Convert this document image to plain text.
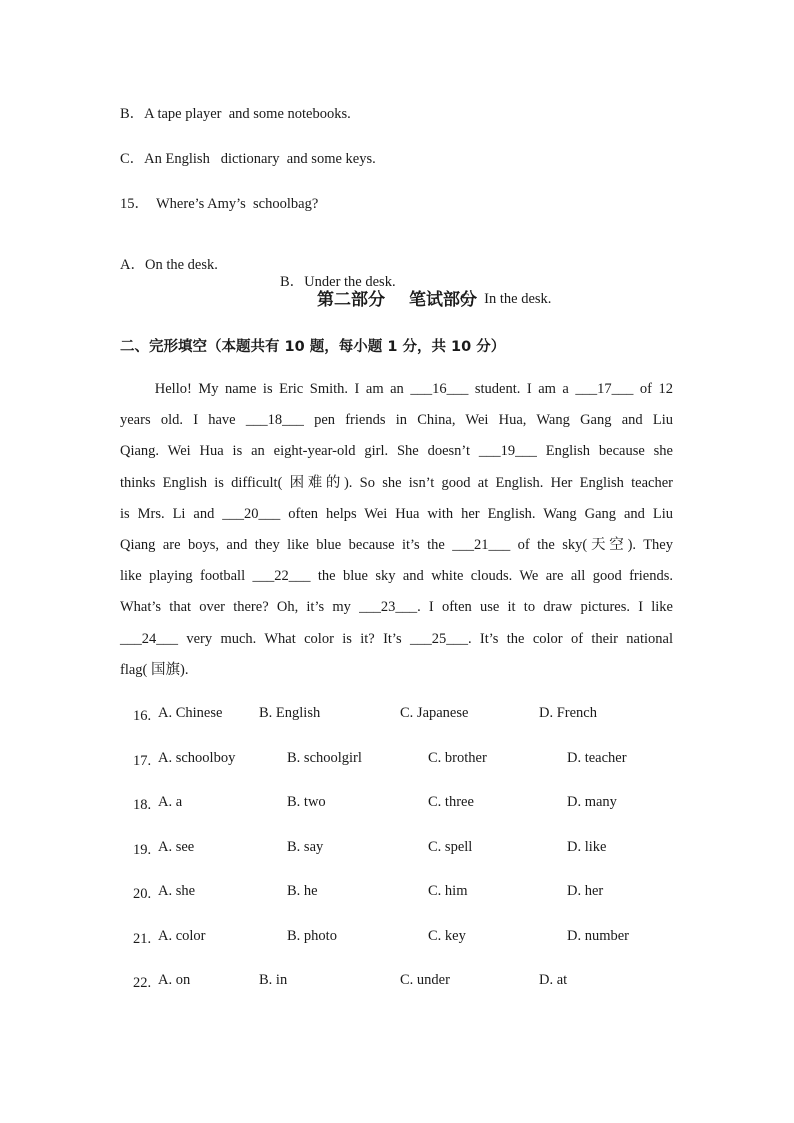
B．A tape player  and some notebooks.
C．An English   dictionary  and some keys.
15．  Where’s Amy’s  schoolbag?

A．On the desk.

B．Under the desk.

C．In the desk.

第二部分 笔试部分
二、完形填空（本题共有 10 题，每小题 1 分，共 10 分）

　　Hello! My name is Eric Smith. I am an ___16___ student. I am a ___17___ of 12

years old. I have ___18___ pen friends in China, Wei Hua, Wang Gang and Liu

Qiang. Wei Hua is an eight-year-old girl. She doesn’t ___19___ English because she

thinks English is difficult( 困难的). So she isn’t good at English. Her English teacher

is Mrs. Li and ___20___ often helps Wei Hua with her English. Wang Gang and Liu

Qiang are boys, and they like blue because it’s the ___21___ of the sky(天空). They

like playing football ___22___ the blue sky and white clouds. We are all good friends.

What’s that over there? Oh, it’s my ___23___. I often use it to draw pictures. I like

___24___ very much. What color is it? It’s ___25___. It’s the color of their national

flag( 国旗).

16. A. Chinese	B. English	C. Japanese	D. French
17. A. schoolboy	B. schoolgirl	C. brother	D. teacher
18. A. a	B. two	C. three	D. many
19. A. see	B. say	C. spell	D. like
20. A. she	B. he	C. him	D. her
21. A. color	B. photo	C. key	D. number
22. A. on	B. in	C. under	D. at
